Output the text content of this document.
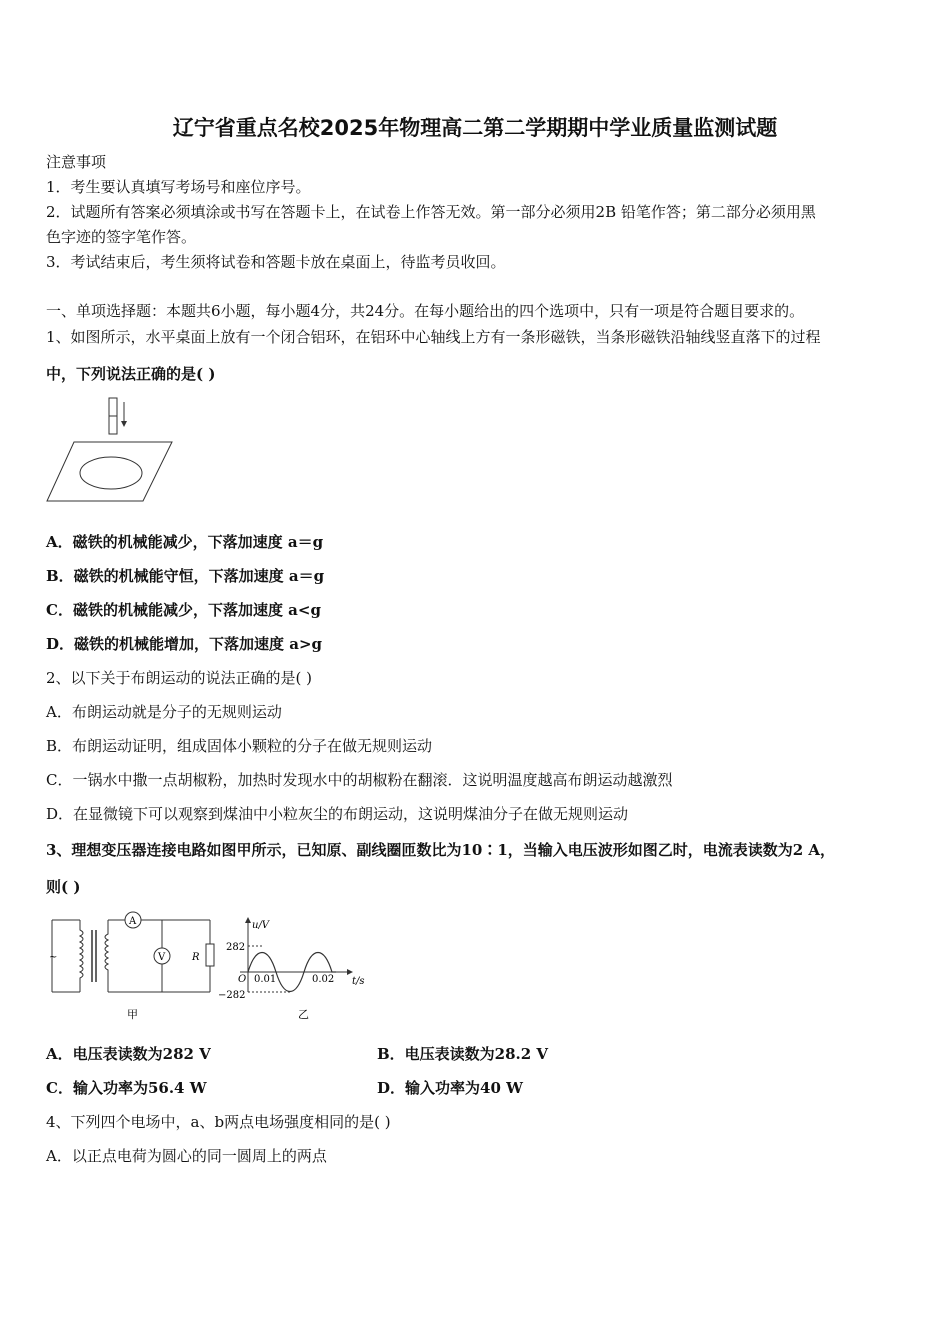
辽宁省重点名校2025年物理高二第二学期期中学业质量监测试题
注意事项
1．考生要认真填写考场号和座位序号。
2．试题所有答案必须填涂或书写在答题卡上，在试卷上作答无效。第一部分必须用2B 铅笔作答；第二部分必须用黑
色字迹的签字笔作答。
3．考试结束后，考生须将试卷和答题卡放在桌面上，待监考员收回。
一、单项选择题：本题共6小题，每小题4分，共24分。在每小题给出的四个选项中，只有一项是符合题目要求的。
1、如图所示，水平桌面上放有一个闭合铝环，在铝环中心轴线上方有一条形磁铁，当条形磁铁沿轴线竖直落下的过程
中，下列说法正确的是( )
A．磁铁的机械能减少，下落加速度 a＝g
B．磁铁的机械能守恒，下落加速度 a＝g
C．磁铁的机械能减少，下落加速度 a<g
D．磁铁的机械能增加，下落加速度 a>g
2、以下关于布朗运动的说法正确的是( )
A．布朗运动就是分子的无规则运动
B．布朗运动证明，组成固体小颗粒的分子在做无规则运动
C．一锅水中撒一点胡椒粉，加热时发现水中的胡椒粉在翻滚．这说明温度越高布朗运动越激烈
D．在显微镜下可以观察到煤油中小粒灰尘的布朗运动，这说明煤油分子在做无规则运动
3、理想变压器连接电路如图甲所示，已知原、副线圈匝数比为10∶1，当输入电压波形如图乙时，电流表读数为2 A，
则( )
~
A
V	R
甲
u/V
t/s
282
−282
O 0.01	0.02
乙
A．电压表读数为282 V	B．电压表读数为28.2 V
C．输入功率为56.4 W	D．输入功率为40 W
4、下列四个电场中，a、b两点电场强度相同的是( )
A．以正点电荷为圆心的同一圆周上的两点
